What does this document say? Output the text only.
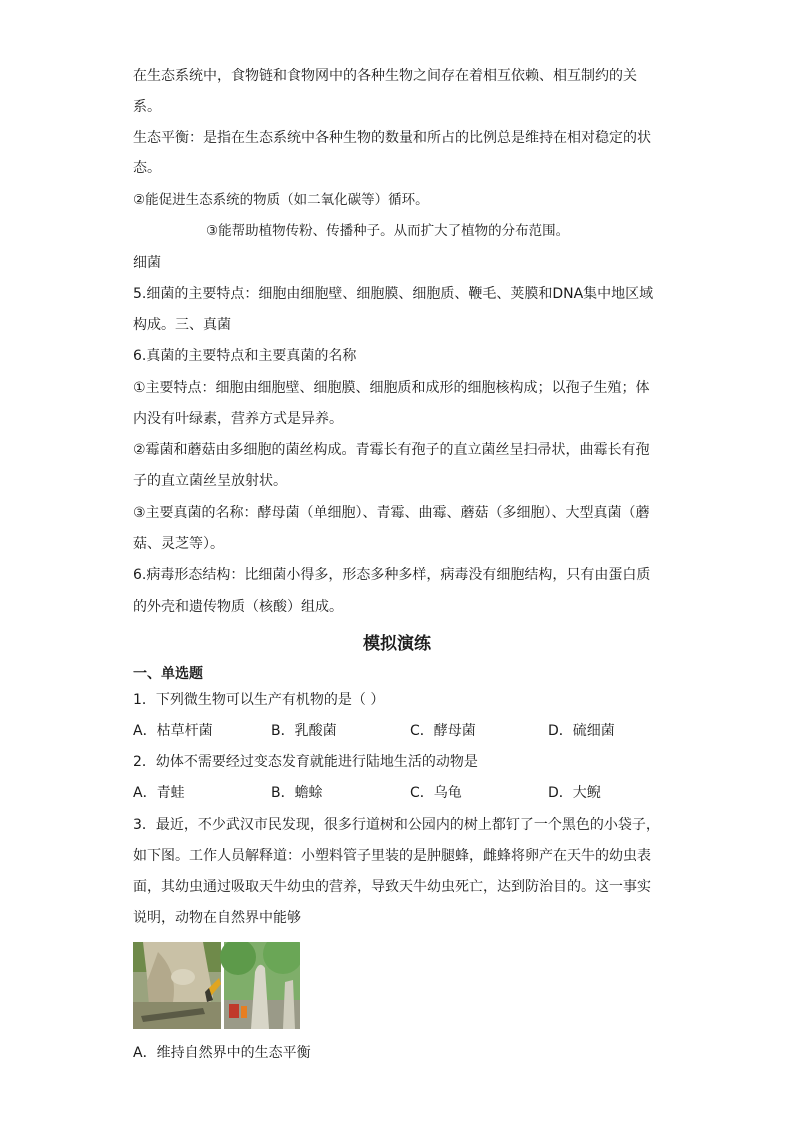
在生态系统中，食物链和食物网中的各种生物之间存在着相互依赖、相互制约的关
系。
生态平衡：是指在生态系统中各种生物的数量和所占的比例总是维持在相对稳定的状
态。
②能促进生态系统的物质（如二氧化碳等）循环。
③能帮助植物传粉、传播种子。从而扩大了植物的分布范围。
细菌
5.细菌的主要特点：细胞由细胞壁、细胞膜、细胞质、鞭毛、荚膜和DNA集中地区域
构成。三、真菌
6.真菌的主要特点和主要真菌的名称
①主要特点：细胞由细胞壁、细胞膜、细胞质和成形的细胞核构成；以孢子生殖；体
内没有叶绿素，营养方式是异养。
②霉菌和蘑菇由多细胞的菌丝构成。青霉长有孢子的直立菌丝呈扫帚状，曲霉长有孢
子的直立菌丝呈放射状。
③主要真菌的名称：酵母菌（单细胞）、青霉、曲霉、蘑菇（多细胞）、大型真菌（蘑
菇、灵芝等）。
6.病毒形态结构：比细菌小得多，形态多种多样，病毒没有细胞结构，只有由蛋白质
的外壳和遗传物质（核酸）组成。
模拟演练
一、单选题
1．下列微生物可以生产有机物的是（ ）
A．枯草杆菌	B．乳酸菌	C．酵母菌	D．硫细菌
2．幼体不需要经过变态发育就能进行陆地生活的动物是
A．青蛙	B．蟾蜍	C．乌龟	D．大鲵
3．最近，不少武汉市民发现，很多行道树和公园内的树上都钉了一个黑色的小袋子，
如下图。工作人员解释道：小塑料管子里装的是肿腿蜂，雌蜂将卵产在天牛的幼虫表
面，其幼虫通过吸取天牛幼虫的营养，导致天牛幼虫死亡，达到防治目的。这一事实
说明，动物在自然界中能够
A．维持自然界中的生态平衡
